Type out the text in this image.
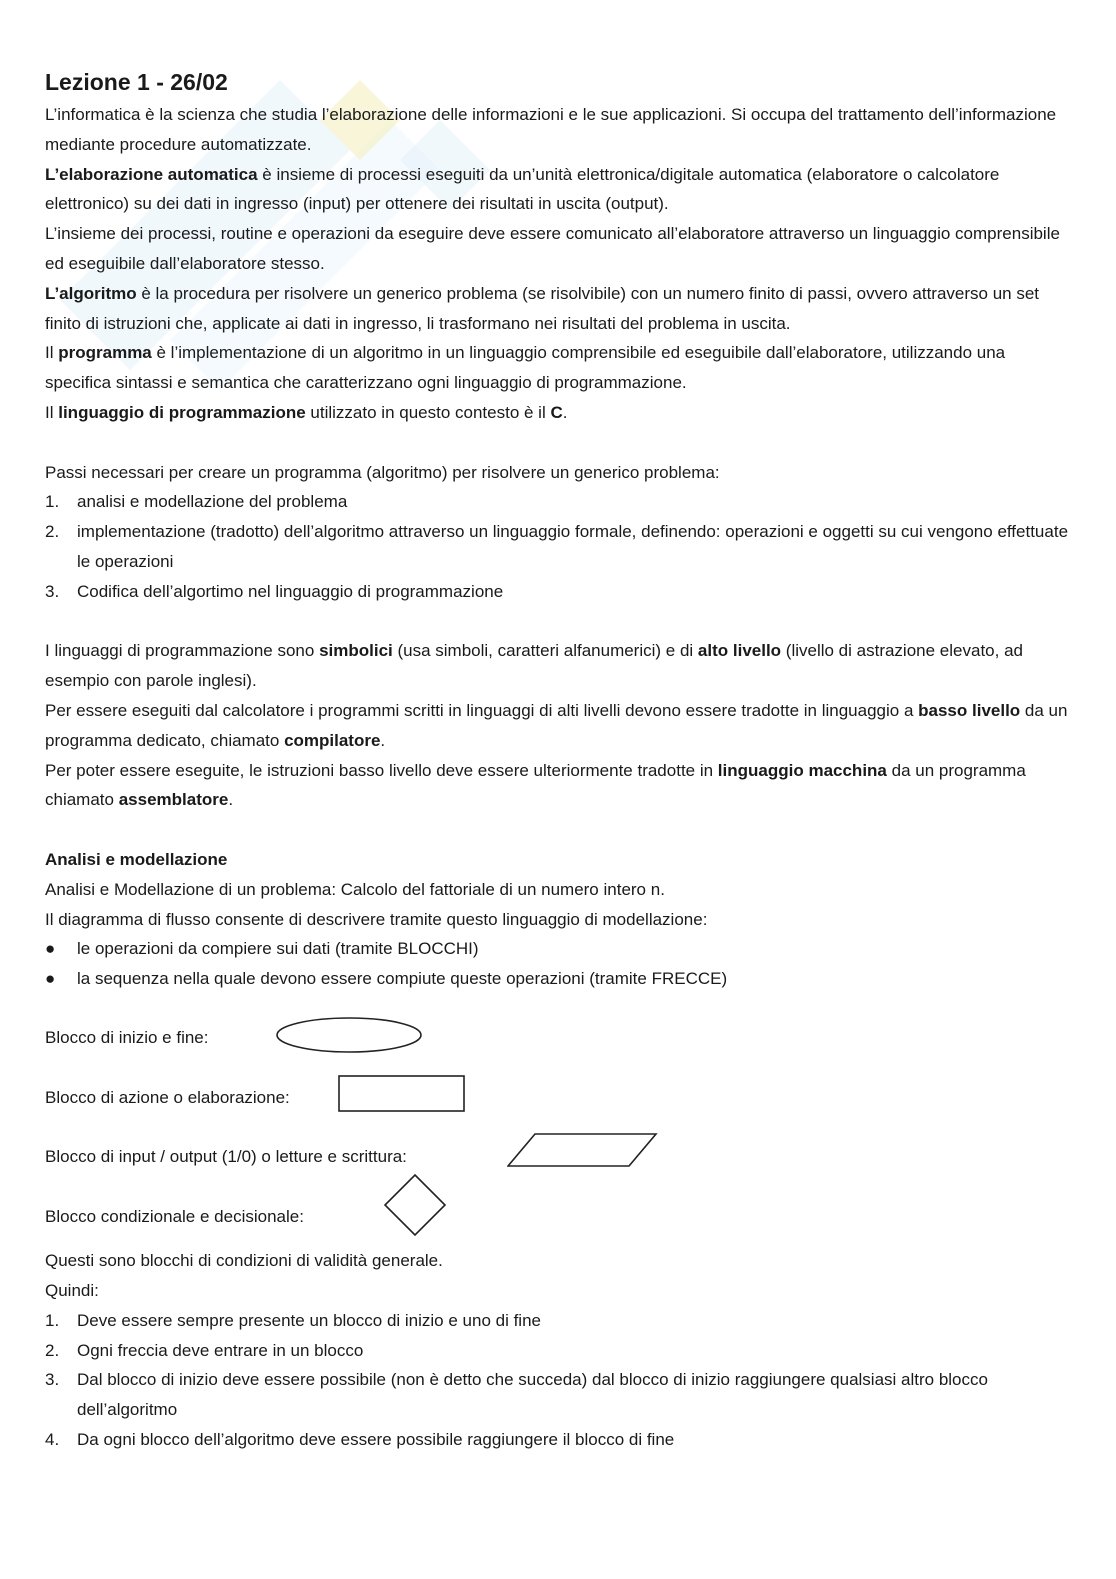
Lezione 1 - 26/02

L’informatica è la scienza che studia l’elaborazione delle informazioni e le sue applicazioni. Si occupa del trattamento dell’informazione mediante procedure automatizzate.

L’elaborazione automatica è insieme di processi eseguiti da un’unità elettronica/digitale automatica (elaboratore o calcolatore elettronico) su dei dati in ingresso (input) per ottenere dei risultati in uscita (output).

L’insieme dei processi, routine e operazioni da eseguire deve essere comunicato all’elaboratore attraverso un linguaggio comprensibile ed eseguibile dall’elaboratore stesso.

L’algoritmo è la procedura per risolvere un generico problema (se risolvibile) con un numero finito di passi, ovvero attraverso un set finito di istruzioni che, applicate ai dati in ingresso, li trasformano nei risultati del problema in uscita.

Il programma è l’implementazione di un algoritmo in un linguaggio comprensibile ed eseguibile dall’elaboratore, utilizzando una specifica sintassi e semantica che caratterizzano ogni linguaggio di programmazione.

Il linguaggio di programmazione utilizzato in questo contesto è il C.

Passi necessari per creare un programma (algoritmo) per risolvere un generico problema:

1. analisi e modellazione del problema
2. implementazione (tradotto) dell’algoritmo attraverso un linguaggio formale, definendo: operazioni e oggetti su cui vengono effettuate le operazioni
3. Codifica dell’algortimo nel linguaggio di programmazione

I linguaggi di programmazione sono simbolici (usa simboli, caratteri alfanumerici) e di alto livello (livello di astrazione elevato, ad esempio con parole inglesi).

Per essere eseguiti dal calcolatore i programmi scritti in linguaggi di alti livelli devono essere tradotte in linguaggio a basso livello da un programma dedicato, chiamato compilatore.

Per poter essere eseguite, le istruzioni basso livello deve essere ulteriormente tradotte in linguaggio macchina da un programma chiamato assemblatore.

Analisi e modellazione

Analisi e Modellazione di un problema: Calcolo del fattoriale di un numero intero n.

Il diagramma di flusso consente di descrivere tramite questo linguaggio di modellazione:

● le operazioni da compiere sui dati (tramite BLOCCHI)
● la sequenza nella quale devono essere compiute queste operazioni (tramite FRECCE)
Blocco di inizio e fine:
Blocco di azione o elaborazione:
Blocco di input / output (1/0) o letture e scrittura:
Blocco condizionale e decisionale:

Questi sono blocchi di condizioni di validità generale.

Quindi:

1. Deve essere sempre presente un blocco di inizio e uno di fine
2. Ogni freccia deve entrare in un blocco
3. Dal blocco di inizio deve essere possibile (non è detto che succeda) dal blocco di inizio raggiungere qualsiasi altro blocco dell’algoritmo
4. Da ogni blocco dell’algoritmo deve essere possibile raggiungere il blocco di fine
